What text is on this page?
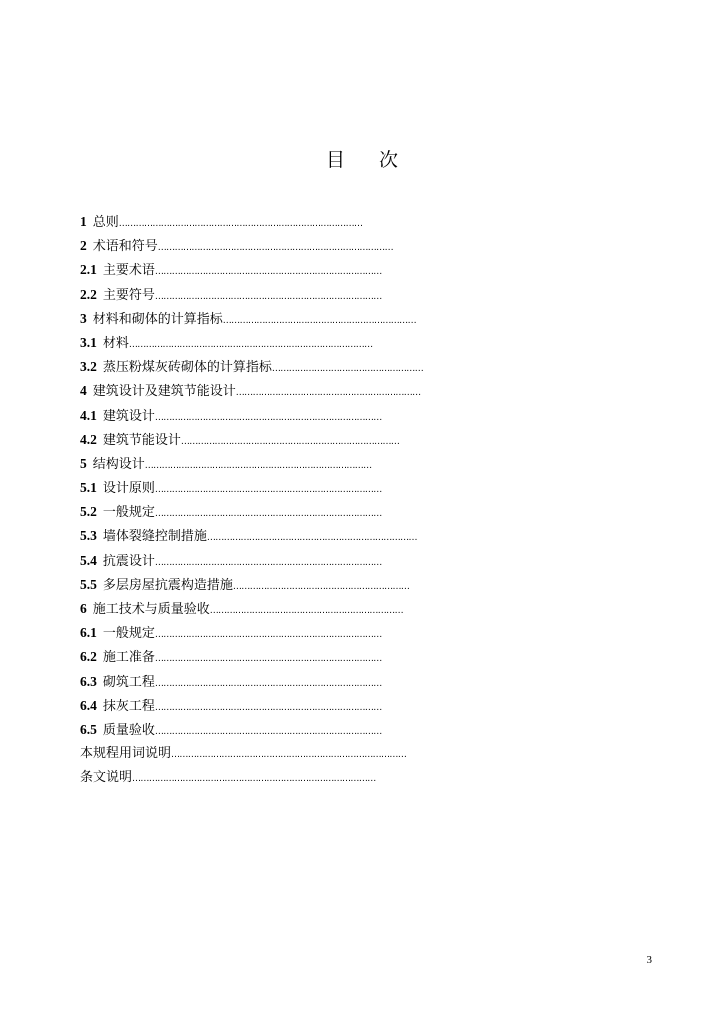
目 次
1 总则……………………………………………………………………………
2 术语和符号…………………………………………………………………………
2.1 主要术语………………………………………………………………………
2.2 主要符号………………………………………………………………………
3 材料和砌体的计算指标……………………………………………………………
3.1 材料……………………………………………………………………………
3.2 蒸压粉煤灰砖砌体的计算指标………………………………………………
4 建筑设计及建筑节能设计…………………………………………………………
4.1 建筑设计………………………………………………………………………
4.2 建筑节能设计……………………………………………………………………
5 结构设计………………………………………………………………………
5.1 设计原则………………………………………………………………………
5.2 一般规定………………………………………………………………………
5.3 墙体裂缝控制措施…………………………………………………………………
5.4 抗震设计………………………………………………………………………
5.5 多层房屋抗震构造措施………………………………………………………
6 施工技术与质量验收……………………………………………………………
6.1 一般规定………………………………………………………………………
6.2 施工准备………………………………………………………………………
6.3 砌筑工程………………………………………………………………………
6.4 抹灰工程………………………………………………………………………
6.5 质量验收………………………………………………………………………
本规程用词说明…………………………………………………………………………
条文说明……………………………………………………………………………
3
